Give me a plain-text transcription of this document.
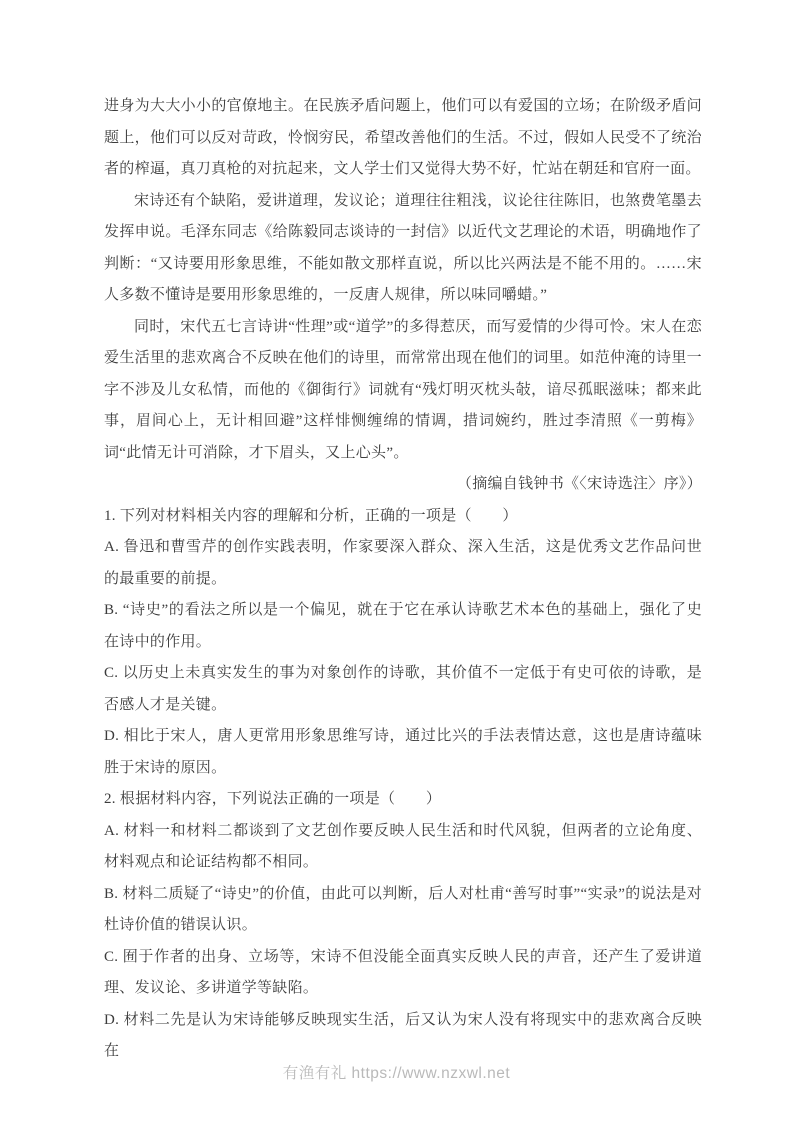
进身为大大小小的官僚地主。在民族矛盾问题上，他们可以有爱国的立场；在阶级矛盾问题上，他们可以反对苛政，怜悯穷民，希望改善他们的生活。不过，假如人民受不了统治者的榨逼，真刀真枪的对抗起来，文人学士们又觉得大势不好，忙站在朝廷和官府一面。

宋诗还有个缺陷，爱讲道理，发议论；道理往往粗浅，议论往往陈旧，也煞费笔墨去发挥申说。毛泽东同志《给陈毅同志谈诗的一封信》以近代文艺理论的术语，明确地作了判断：“又诗要用形象思维，不能如散文那样直说，所以比兴两法是不能不用的。……宋人多数不懂诗是要用形象思维的，一反唐人规律，所以味同嚼蜡。”

同时，宋代五七言诗讲“性理”或“道学”的多得惹厌，而写爱情的少得可怜。宋人在恋爱生活里的悲欢离合不反映在他们的诗里，而常常出现在他们的词里。如范仲淹的诗里一字不涉及儿女私情，而他的《御街行》词就有“残灯明灭枕头敧，谙尽孤眠滋味；都来此事，眉间心上，无计相回避”这样悱恻缠绵的情调，措词婉约，胜过李清照《一剪梅》词“此情无计可消除，才下眉头，又上心头”。

（摘编自钱钟书《〈宋诗选注〉序》）

1. 下列对材料相关内容的理解和分析，正确的一项是（　　）

A. 鲁迅和曹雪芹的创作实践表明，作家要深入群众、深入生活，这是优秀文艺作品问世的最重要的前提。

B. “诗史”的看法之所以是一个偏见，就在于它在承认诗歌艺术本色的基础上，强化了史在诗中的作用。

C. 以历史上未真实发生的事为对象创作的诗歌，其价值不一定低于有史可依的诗歌，是否感人才是关键。

D. 相比于宋人，唐人更常用形象思维写诗，通过比兴的手法表情达意，这也是唐诗蕴味胜于宋诗的原因。

2. 根据材料内容，下列说法正确的一项是（　　）

A. 材料一和材料二都谈到了文艺创作要反映人民生活和时代风貌，但两者的立论角度、材料观点和论证结构都不相同。

B. 材料二质疑了“诗史”的价值，由此可以判断，后人对杜甫“善写时事”“实录”的说法是对杜诗价值的错误认识。

C. 囿于作者的出身、立场等，宋诗不但没能全面真实反映人民的声音，还产生了爱讲道理、发议论、多讲道学等缺陷。

D. 材料二先是认为宋诗能够反映现实生活，后又认为宋人没有将现实中的悲欢离合反映在

有渔有礼 https://www.nzxwl.net
